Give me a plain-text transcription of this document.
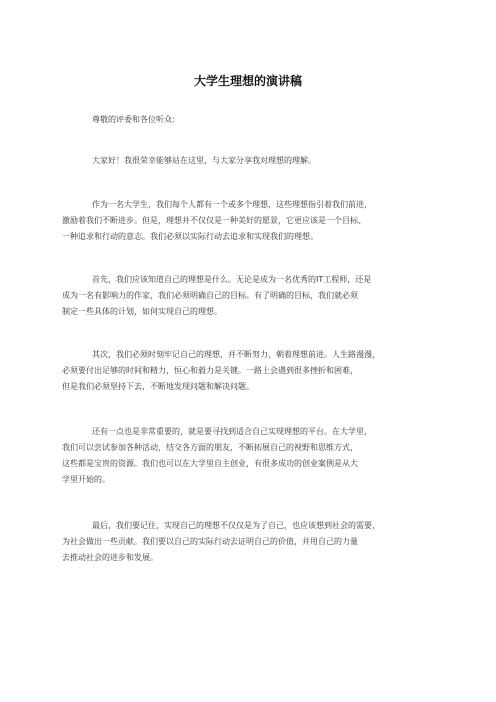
大学生理想的演讲稿

尊敬的评委和各位听众：

大家好！我很荣幸能够站在这里，与大家分享我对理想的理解。

作为一名大学生，我们每个人都有一个或多个理想，这些理想指引着我们前进，
激励着我们不断进步。但是，理想并不仅仅是一种美好的愿景，它更应该是一个目标、
一种追求和行动的意志。我们必须以实际行动去追求和实现我们的理想。

首先，我们应该知道自己的理想是什么。无论是成为一名优秀的IT工程师，还是
成为一名有影响力的作家，我们必须明确自己的目标。有了明确的目标，我们就必须
制定一些具体的计划，如何实现自己的理想。

其次，我们必须时刻牢记自己的理想，并不断努力，朝着理想前进。人生路漫漫，
必须要付出足够的时间和精力，恒心和毅力是关键。一路上会遇到很多挫折和困难，
但是我们必须坚持下去，不断地发现问题和解决问题。

还有一点也是非常重要的，就是要寻找到适合自己实现理想的平台。在大学里，
我们可以尝试参加各种活动，结交各方面的朋友，不断拓展自己的视野和思维方式，
这些都是宝贵的资源。我们也可以在大学里自主创业，有很多成功的创业案例是从大
学里开始的。

最后，我们要记住，实现自己的理想不仅仅是为了自己，也应该想到社会的需要，
为社会做出一些贡献。我们要以自己的实际行动去证明自己的价值，并用自己的力量
去推动社会的进步和发展。
